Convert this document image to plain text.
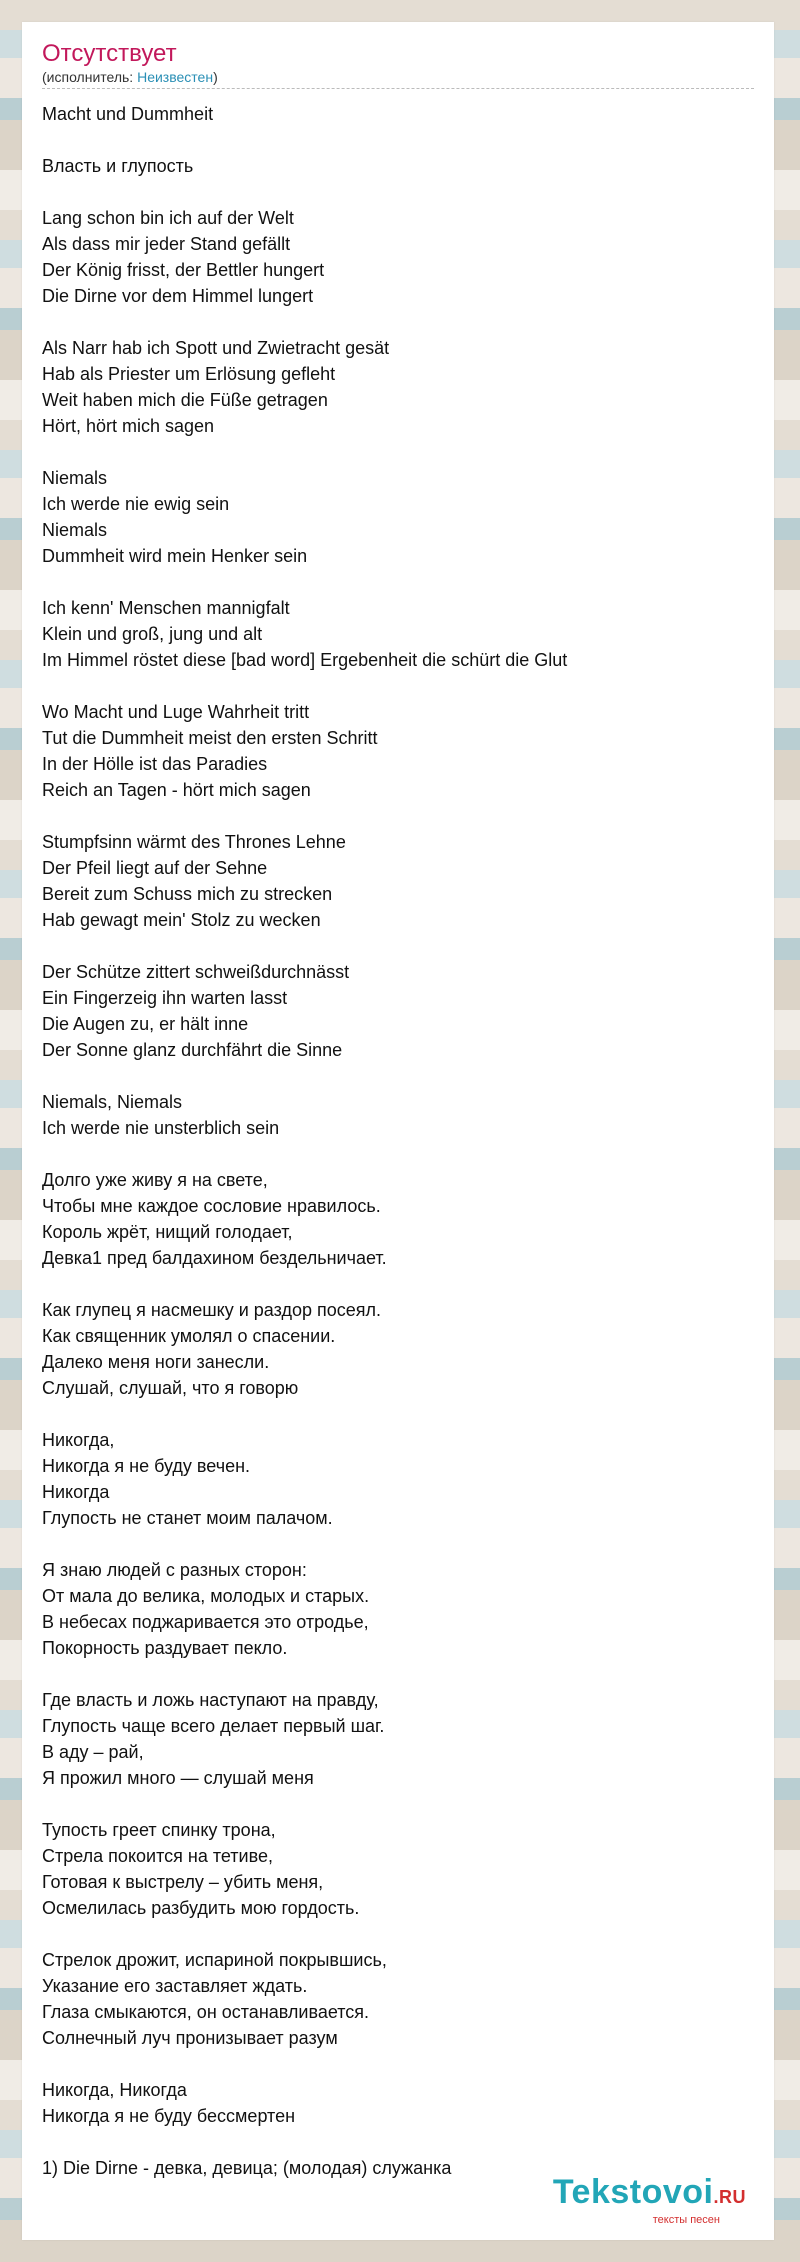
Отсутствует
(исполнитель: Неизвестен)
Macht und Dummheit
Власть и глупость
Lang schon bin ich auf der Welt
Als dass mir jeder Stand gefällt
Der König frisst, der Bettler hungert
Die Dirne vor dem Himmel lungert
Als Narr hab ich Spott und Zwietracht gesät
Hab als Priester um Erlösung gefleht
Weit haben mich die Füße getragen
Hört, hört mich sagen
Niemals
Ich werde nie ewig sein
Niemals
Dummheit wird mein Henker sein
Ich kenn' Menschen mannigfalt
Klein und groß, jung und alt
Im Himmel röstet diese [bad word] Ergebenheit die schürt die Glut
Wo Macht und Luge Wahrheit tritt
Tut die Dummheit meist den ersten Schritt
In der Hölle ist das Paradies
Reich an Tagen - hört mich sagen
Stumpfsinn wärmt des Thrones Lehne
Der Pfeil liegt auf der Sehne
Bereit zum Schuss mich zu strecken
Hab gewagt mein' Stolz zu wecken
Der Schütze zittert schweißdurchnässt
Ein Fingerzeig ihn warten lasst
Die Augen zu, er hält inne
Der Sonne glanz durchfährt die Sinne
Niemals, Niemals
Ich werde nie unsterblich sein

Долго уже живу я на свете,
Чтобы мне каждое сословие нравилось.
Король жрёт, нищий голодает,
Девка1 пред балдахином бездельничает.
Как глупец я насмешку и раздор посеял.
Как священник умолял о спасении.
Далеко меня ноги занесли.
Слушай, слушай, что я говорю
Никогда,
Никогда я не буду вечен.
Никогда
Глупость не станет моим палачом.
Я знаю людей с разных сторон:
От мала до велика, молодых и старых.
В небесах поджаривается это отродье,
Покорность раздувает пекло.
Где власть и ложь наступают на правду,
Глупость чаще всего делает первый шаг.
В аду – рай,
Я прожил много — слушай меня
Тупость греет спинку трона,
Стрела покоится на тетиве,
Готовая к выстрелу – убить меня,
Осмелилась разбудить мою гордость.
Стрелок дрожит, испариной покрывшись,
Указание его заставляет ждать.
Глаза смыкаются, он останавливается.
Солнечный луч пронизывает разум
Никогда, Никогда
Никогда я не буду бессмертен
1) Die Dirne - девка, девица; (молодая) служанка
Tekstovoi.RU
тексты песен
